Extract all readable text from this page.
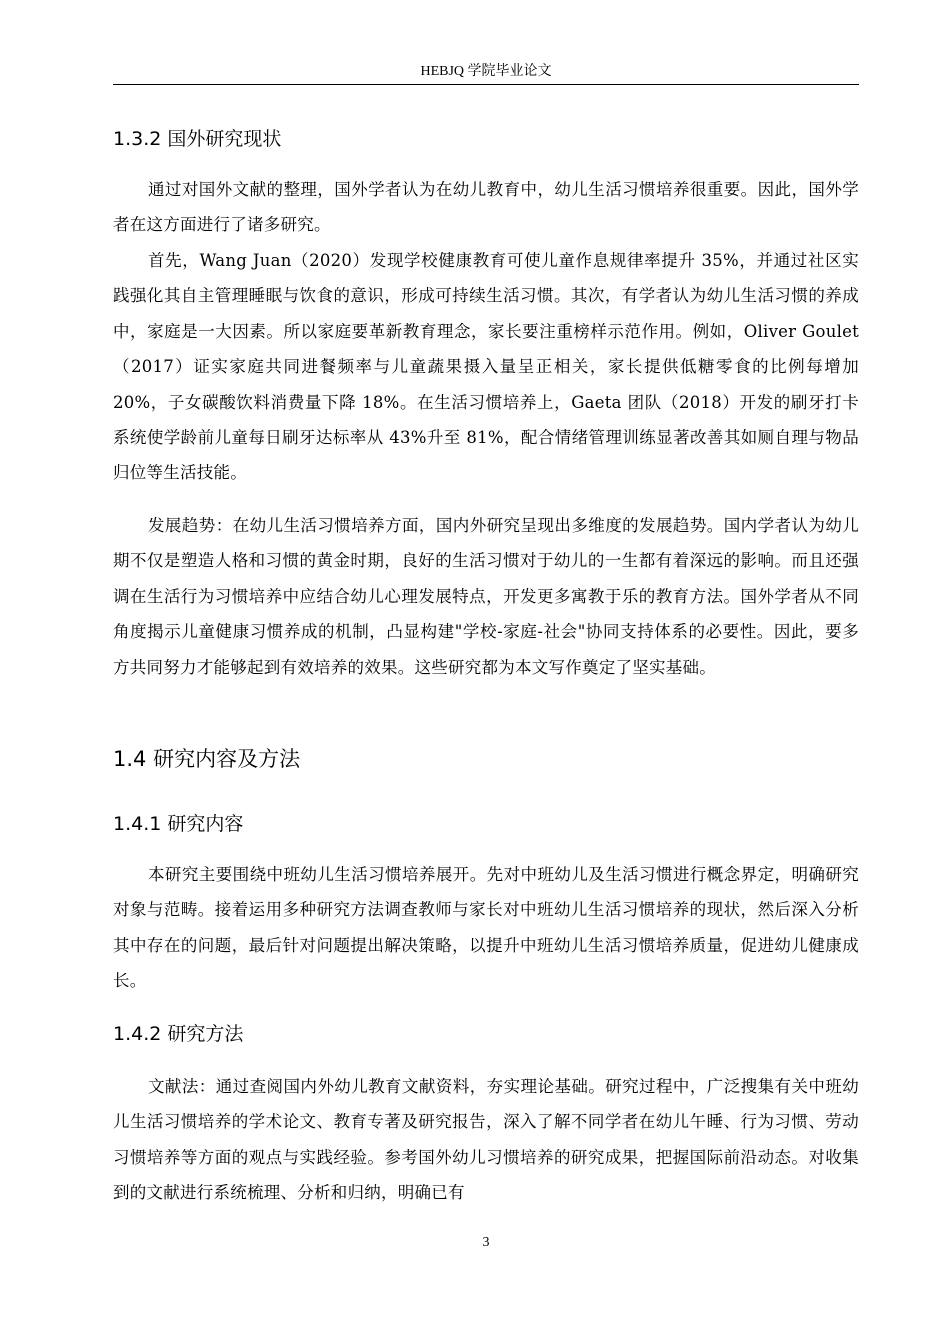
HEBJQ 学院毕业论文
1.3.2 国外研究现状

通过对国外文献的整理，国外学者认为在幼儿教育中，幼儿生活习惯培养很重要。因此，国外学者在这方面进行了诸多研究。

首先，Wang Juan（2020）发现学校健康教育可使儿童作息规律率提升 35%，并通过社区实践强化其自主管理睡眠与饮食的意识，形成可持续生活习惯。其次，有学者认为幼儿生活习惯的养成中，家庭是一大因素。所以家庭要革新教育理念，家长要注重榜样示范作用。例如，Oliver Goulet（2017）证实家庭共同进餐频率与儿童蔬果摄入量呈正相关，家长提供低糖零食的比例每增加 20%，子女碳酸饮料消费量下降 18%。在生活习惯培养上，Gaeta 团队（2018）开发的刷牙打卡系统使学龄前儿童每日刷牙达标率从 43%升至 81%，配合情绪管理训练显著改善其如厕自理与物品归位等生活技能。

发展趋势：在幼儿生活习惯培养方面，国内外研究呈现出多维度的发展趋势。国内学者认为幼儿期不仅是塑造人格和习惯的黄金时期，良好的生活习惯对于幼儿的一生都有着深远的影响。而且还强调在生活行为习惯培养中应结合幼儿心理发展特点，开发更多寓教于乐的教育方法。国外学者从不同角度揭示儿童健康习惯养成的机制，凸显构建"学校-家庭-社会"协同支持体系的必要性。因此，要多方共同努力才能够起到有效培养的效果。这些研究都为本文写作奠定了坚实基础。

1.4 研究内容及方法
1.4.1 研究内容

本研究主要围绕中班幼儿生活习惯培养展开。先对中班幼儿及生活习惯进行概念界定，明确研究对象与范畴。接着运用多种研究方法调查教师与家长对中班幼儿生活习惯培养的现状，然后深入分析其中存在的问题，最后针对问题提出解决策略，以提升中班幼儿生活习惯培养质量，促进幼儿健康成长。

1.4.2 研究方法

文献法：通过查阅国内外幼儿教育文献资料，夯实理论基础。研究过程中，广泛搜集有关中班幼儿生活习惯培养的学术论文、教育专著及研究报告，深入了解不同学者在幼儿午睡、行为习惯、劳动习惯培养等方面的观点与实践经验。参考国外幼儿习惯培养的研究成果，把握国际前沿动态。对收集到的文献进行系统梳理、分析和归纳，明确已有

3
